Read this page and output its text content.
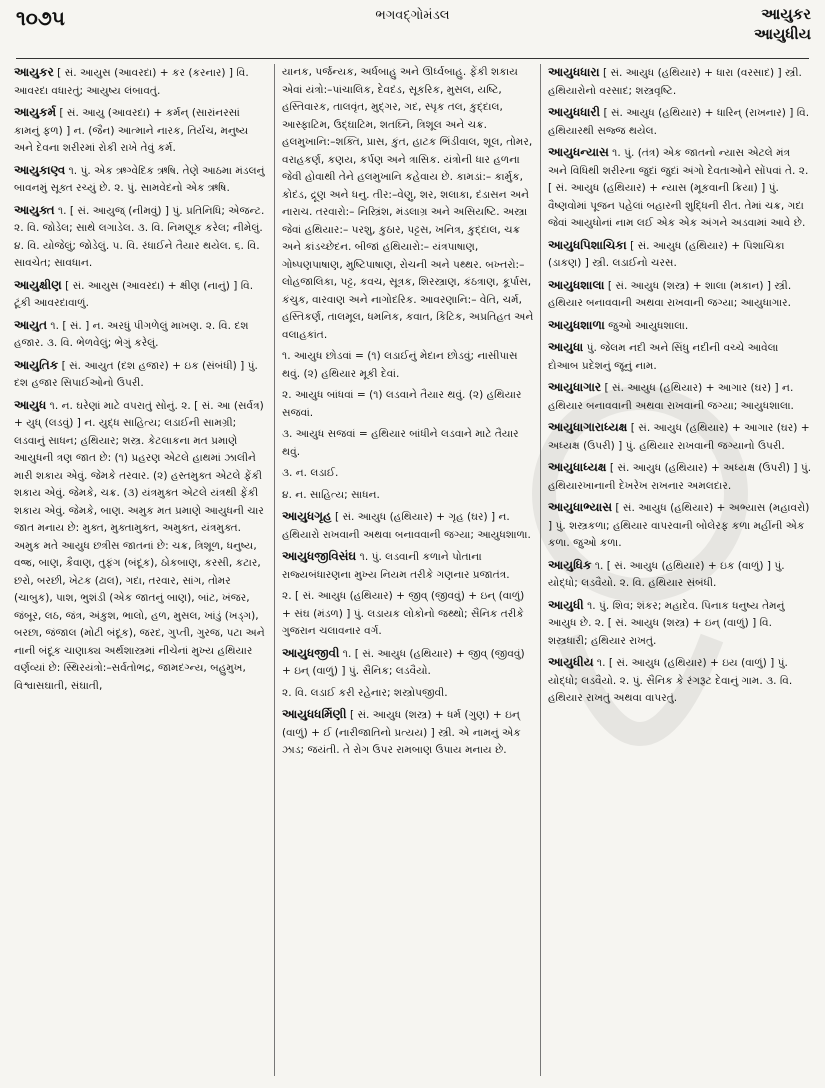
૧૦૭૫	ભગવદ્ગોમંડલ	આયુકર
આયુધીય

આયુકર [ સં. આયુસ (આવરદા) + કર (કરનાર) ] વિ. આવરદા વધારતું; આયુષ્ય લંબાવતું.

આયુકર્મ [ સં. આયુ (આવરદા) + કર્મન્ (સારાંનરસાં કામનું ફળ) ] ન. (જૈન) આત્માને નારક, તિર્યંચ, મનુષ્ય અને દેવના શરીરમાં રોકી રાખે તેવું કર્મ.

આયુકાણ્વ ૧. પું. એક ઋગ્વેદિક ઋષિ. તેણે આઠમા મંડલનું બાવનમું સૂક્ત રચ્યું છે. ૨. પું. સામવેદનો એક ઋષિ.

આયુક્ત ૧. [ સં. આયુજ્ (નીમવું) ] પું. પ્રતિનિધિ; એજન્ટ. ૨. વિ. જોડેલ; સાથે લગાડેલ. ૩. વિ. નિમણૂક કરેલ; નીમેલું. ૪. વિ. યોજેલું; જોડેલું. ૫. વિ. રંધાઈને તૈયાર થયેલ. ૬. વિ. સાવચેત; સાવધાન.

આયુક્ષીણ [ સં. આયુસ (આવરદા) + ક્ષીણ (નાનું) ] વિ. ટૂંકી આવરદાવાળું.

આયુત ૧. [ સં. ] ન. અરધું પીગળેલું માખણ. ૨. વિ. દશ હજાર. ૩. વિ. ભેળવેલું; ભેગું કરેલું.

આયુતિક [ સં. આયુત (દશ હજાર) + ઇક (સંબંધી) ] પું. દશ હજાર સિપાઈઓનો ઉપરી.

આયુધ ૧. ન. ઘરેણાં માટે વપરાતું સોનું. ૨. [ સં. આ (સર્વત્ર) + યુધ્ (લડવું) ] ન. યુદ્ધ સાહિત્ય; લડાઈની સામગ્રી; લડવાનું સાધન; હથિયાર; શસ્ત્ર. કેટલાકના મત પ્રમાણે આયુધની ત્રણ જાત છે: (૧) પ્રહરણ એટલે હાથમાં ઝાલીને મારી શકાય એવું. જેમકે તરવાર. (૨) હસ્તમુક્ત એટલે ફેંકી શકાય એવું. જેમકે, ચક્ર. (૩) યંત્રમુક્ત એટલે યંત્રથી ફેંકી શકાય એવું. જેમકે, બાણ. અમુક મત પ્રમાણે આયુધની ચાર જાત મનાય છે: મુક્ત, મુક્તામુક્ત, અમુક્ત, યંત્રમુક્ત. અમુક મતે આયુધ છત્રીસ જાતનાં છે: ચક્ર, ત્રિશૂળ, ધનુષ્ય, વજ્ર, બાણ, કૈવાણ, તુફંગ (બંદૂક), ઠોકબાણ, કરસી, કટાર, છરો, બરછી, ખેટક (ઢાલ), ગદા, તરવાર, સાંગ, તોમર (ચાબુક), પાશ, ભુશંડી (એક જાતનું બાણ), બાંટ, ખંજર, જંબૂર, લઠ, જંત્ર, અંકુશ, ભાલો, હળ, મુસલ, ખાંડું (ખડ્ગ), બરછા, જંજાલ (મોટી બંદૂક), જરદ, ગુપ્તી, ગુરજ, પટા અને નાની બંદૂક ચાણાક્ય અર્થશાસ્ત્રમાં નીચેનાં મુખ્ય હથિયાર વર્ણવ્યાં છે: સ્થિરયંત્રો:–સર્વતોભદ્ર, જામદગ્ન્ય, બહુમુખ, વિશ્વાસઘાતી, સંઘાતી,

યાનક, પર્જન્યક, અર્ધબાહુ અને ઊર્ધ્વબાહુ. ફેંકી શકાય એવાં યંત્રો:–પાંચાલિક, દેવદંડ, સૂકરિક, મુસલ, યષ્ટિ, હસ્તિવારક, તાલવૃંત, મુદ્ગર, ગદ, સ્પૃક તલ, કુદ્દાલ, આસ્ફાટિમ, ઉદ્ઘાટિમ, શતઘ્નિ, ત્રિશૂલ અને ચક્ર. હલમુખાનિ:–શક્તિ, પ્રાસ, કુંત, હાટક ભિંડીવાલ, શૂલ, તોમર, વરાહકર્ણ, કણય, કર્પણ અને ત્રાસિક. યંત્રોની ધાર હળના જેવી હોવાથી તેને હલમુખાનિ કહેવાય છે. કામડાં:– કાર્મુક, કોદંડ, દ્રૂણ અને ધનુ. તીર:–વેણુ, શર, શલાકા, દંડાસન અને નારાચ. તરવારો:– નિસ્ત્રિંશ, મંડલાગ્ર અને અસિયષ્ટિ. અસ્ત્રા જેવાં હથિયાર:– પરશુ, કુઠાર, પટ્ટસ, ખનિત્ર, કુદ્દાલ, ચક્ર અને કાંડચ્છેદન. બીજાં હથિયારો:– યંત્રપાષાણ, ગોષ્પણપાષાણ, મુષ્ટિપાષાણ, રોચની અને પથ્થર. બખ્તરો:–લોહજાલિકા, પટ્ટ, કવચ, સૂત્રક, શિરસ્ત્રાણ, કંઠત્રાણ, કૂર્પાસ, કંચુક, વારવાણ અને નાગોદરિક. આવરણાનિ:– વેતિ, ચર્મ, હસ્તિકર્ણ, તાલમૂલ, ધમનિક, કવાત, કિટિક, અપ્રતિહત અને વલાહકાંત.

૧. આયુધ છોડવાં = (૧) લડાઈનું મેદાન છોડવું; નાસીપાસ થવું. (૨) હથિયાર મૂકી દેવાં.

૨. આયુધ બાંધવાં = (૧) લડવાને તૈયાર થવું. (૨) હથિયાર સજવાં.

૩. આયુધ સજવાં = હથિયાર બાંધીને લડવાને માટે તૈયાર થવું.

૩. ન. લડાઈ.

૪. ન. સાહિત્ય; સાધન.

આયુધગૃહ [ સં. આયુધ (હથિયાર) + ગૃહ (ઘર) ] ન. હથિયારો રાખવાની અથવા બનાવવાની જગ્યા; આયુધશાળા.

આયુધજીવિસંઘ ૧. પું. લડવાની કળાને પોતાના રાજ્યબંધારણના મુખ્ય નિયમ તરીકે ગણનાર પ્રજાતંત્ર.

૨. [ સં. આયુધ (હથિયાર) + જીવ્ (જીવવું) + ઇન્ (વાળું) + સંઘ (મંડળ) ] પું. લડાયક લોકોનો જથ્થો; સૈનિક તરીકે ગુજરાન ચલાવનાર વર્ગ.

આયુધજીવી ૧. [ સં. આયુધ (હથિયાર) + જીવ્ (જીવવું) + ઇન્ (વાળું) ] પું. સૈનિક; લડવૈયો.

૨. વિ. લડાઈ કરી રહેનાર; શસ્ત્રોપજીવી.

આયુધધર્મિણી [ સં. આયુધ (શસ્ત્ર) + ધર્મ (ગુણ) + ઇન્ (વાળું) + ઈ (નારીજાતિનો પ્રત્યય) ] સ્ત્રી. એ નામનું એક ઝાડ; જયંતી. તે રોગ ઉપર રામબાણ ઉપાય મનાય છે.

આયુધધારા [ સં. આયુધ (હથિયાર) + ધારા (વરસાદ) ] સ્ત્રી. હથિયારોનો વરસાદ; શસ્ત્રવૃષ્ટિ.

આયુધધારી [ સં. આયુધ (હથિયાર) + ધારિન્ (રાખનાર) ] વિ. હથિયારથી સજ્જ થયેલ.

આયુધન્યાસ ૧. પું. (તંત્ર) એક જાતનો ન્યાસ એટલે મંત્ર અને વિધિથી શરીરના જુદાં જુદાં અંગો દેવતાઓને સોંપવાં તે. ૨. [ સં. આયુધ (હથિયાર) + ન્યાસ (મૂકવાની ક્રિયા) ] પું. વૈષ્ણવોમાં પૂજન પહેલાં બહારની શુદ્ધિની રીત. તેમાં ચક્ર, ગદા જેવાં આયુધોનાં નામ લઈ એક એક અંગને અડવામાં આવે છે.

આયુધપિશાચિકા [ સં. આયુધ (હથિયાર) + પિશાચિકા (ડાકણ) ] સ્ત્રી. લડાઈનો ચરસ.

આયુધશાલા [ સં. આયુધ (શસ્ત્ર) + શાલા (મકાન) ] સ્ત્રી. હથિયાર બનાવવાની અથવા રાખવાની જગ્યા; આયુધાગાર.

આયુધશાળા જુઓ આયુધશાલા.

આયુધા પું. જેલમ નદી અને સિંધુ નદીની વચ્ચે આવેલા દોઆબ પ્રદેશનું જૂનું નામ.

આયુધાગાર [ સં. આયુધ (હથિયાર) + આગાર (ઘર) ] ન. હથિયાર બનાવવાની અથવા રાખવાની જગ્યા; આયુધશાલા.

આયુધાગારાધ્યક્ષ [ સં. આયુધ (હથિયાર) + આગાર (ઘર) + અધ્યક્ષ (ઉપરી) ] પું. હથિયાર રાખવાની જગ્યાનો ઉપરી.

આયુધાધ્યક્ષ [ સં. આયુધ (હથિયાર) + અધ્યક્ષ (ઉપરી) ] પું. હથિયારખાનાની દેખરેખ રાખનાર અમલદાર.

આયુધાભ્યાસ [ સં. આયુધ (હથિયાર) + અભ્યાસ (મહાવરો) ] પું. શસ્ત્રકળા; હથિયાર વાપરવાની બોલેરફ કળા મહીંની એક કળા. જુઓ કળા.

આયુધિક ૧. [ સં. આયુધ (હથિયાર) + ઇક (વાળું) ] પું. યોદ્ધો; લડવૈયો. ૨. વિ. હથિયાર સંબંધી.

આયુધી ૧. પું. શિવ; શંકર; મહાદેવ. પિનાક ધનુષ્ય તેમનું આયુધ છે. ૨. [ સં. આયુધ (શસ્ત્ર) + ઇન્ (વાળું) ] વિ. શસ્ત્રધારી; હથિયાર રાખતું.

આયુધીય ૧. [ સં. આયુધ (હથિયાર) + ઇય (વાળું) ] પું. યોદ્ધો; લડવૈયો. ૨. પું. સૈનિક કે રંગરૂટ દેવાનું ગામ. ૩. વિ. હથિયાર રાખતું અથવા વાપરતું.
